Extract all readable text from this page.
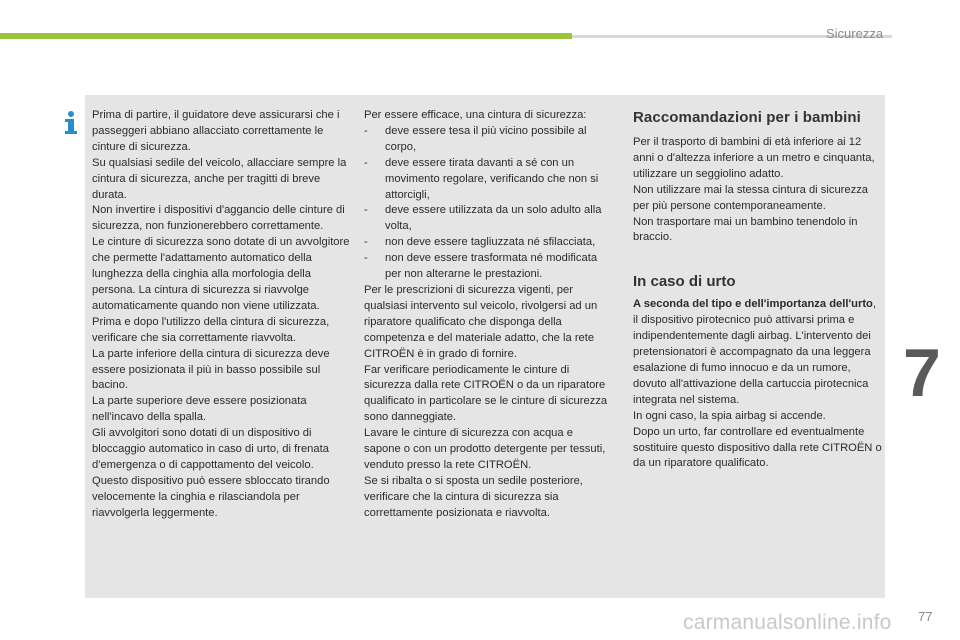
Sicurezza

Prima di partire, il guidatore deve assicurarsi che i passeggeri abbiano allacciato correttamente le cinture di sicurezza.

Su qualsiasi sedile del veicolo, allacciare sempre la cintura di sicurezza, anche per tragitti di breve durata.

Non invertire i dispositivi d'aggancio delle cinture di sicurezza, non funzionerebbero correttamente.

Le cinture di sicurezza sono dotate di un avvolgitore che permette l'adattamento automatico della lunghezza della cinghia alla morfologia della persona. La cintura di sicurezza si riavvolge automaticamente quando non viene utilizzata.

Prima e dopo l'utilizzo della cintura di sicurezza, verificare che sia correttamente riavvolta.

La parte inferiore della cintura di sicurezza deve essere posizionata il più in basso possibile sul bacino.

La parte superiore deve essere posizionata nell'incavo della spalla.

Gli avvolgitori sono dotati di un dispositivo di bloccaggio automatico in caso di urto, di frenata d'emergenza o di cappottamento del veicolo. Questo dispositivo può essere sbloccato tirando velocemente la cinghia e rilasciandola per riavvolgerla leggermente.

Per essere efficace, una cintura di sicurezza:

-	deve essere tesa il più vicino possibile al corpo,
-	deve essere tirata davanti a sé con un movimento regolare, verificando che non si attorcigli,
-	deve essere utilizzata da un solo adulto alla volta,
-	non deve essere tagliuzzata né sfilacciata,
-	non deve essere trasformata né modificata per non alterarne le prestazioni.

Per le prescrizioni di sicurezza vigenti, per qualsiasi intervento sul veicolo, rivolgersi ad un riparatore qualificato che disponga della competenza e del materiale adatto, che la rete CITROËN è in grado di fornire.

Far verificare periodicamente le cinture di sicurezza dalla rete CITROËN o da un riparatore qualificato in particolare se le cinture di sicurezza sono danneggiate.

Lavare le cinture di sicurezza con acqua e sapone o con un prodotto detergente per tessuti, venduto presso la rete CITROËN.

Se si ribalta o si sposta un sedile posteriore, verificare che la cintura di sicurezza sia correttamente posizionata e riavvolta.

Raccomandazioni per i bambini

Per il trasporto di bambini di età inferiore ai 12 anni o d'altezza inferiore a un metro e cinquanta, utilizzare un seggiolino adatto.

Non utilizzare mai la stessa cintura di sicurezza per più persone contemporaneamente.

Non trasportare mai un bambino tenendolo in braccio.

In caso di urto

A seconda del tipo e dell'importanza dell'urto, il dispositivo pirotecnico può attivarsi prima e indipendentemente dagli airbag. L'intervento dei pretensionatori è accompagnato da una leggera esalazione di fumo innocuo e da un rumore, dovuto all'attivazione della cartuccia pirotecnica integrata nel sistema.

In ogni caso, la spia airbag si accende.

Dopo un urto, far controllare ed eventualmente sostituire questo dispositivo dalla rete CITROËN o da un riparatore qualificato.

7
carmanualsonline.info 77
